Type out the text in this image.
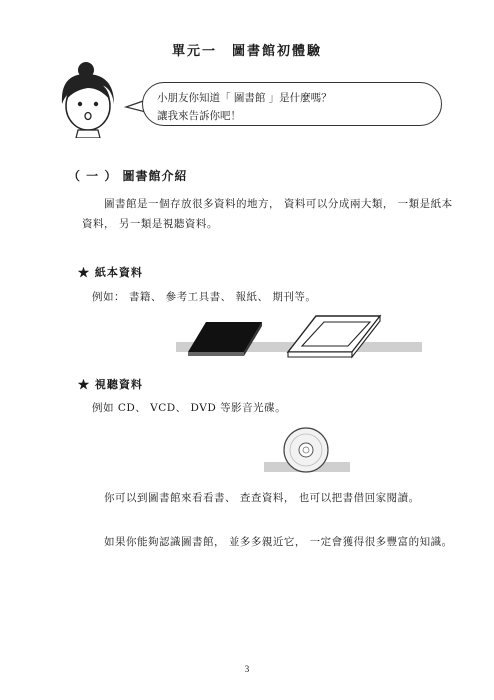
單元一　圖書館初體驗
小朋友你知道「 圖書館 」是什麼嗎？
讓我來告訴你吧！
（ 一 ） 圖書館介紹
圖書館是一個存放很多資料的地方， 資料可以分成兩大類， 一類是紙本資料， 另一類是視聽資料。
★ 紙本資料
例如： 書籍、 參考工具書、 報紙、 期刊等。
★ 視聽資料
例如 CD、 VCD、 DVD 等影音光碟。
你可以到圖書館來看看書、 查查資料， 也可以把書借回家閱讀。
如果你能夠認識圖書館， 並多多親近它， 一定會獲得很多豐富的知識。
3
